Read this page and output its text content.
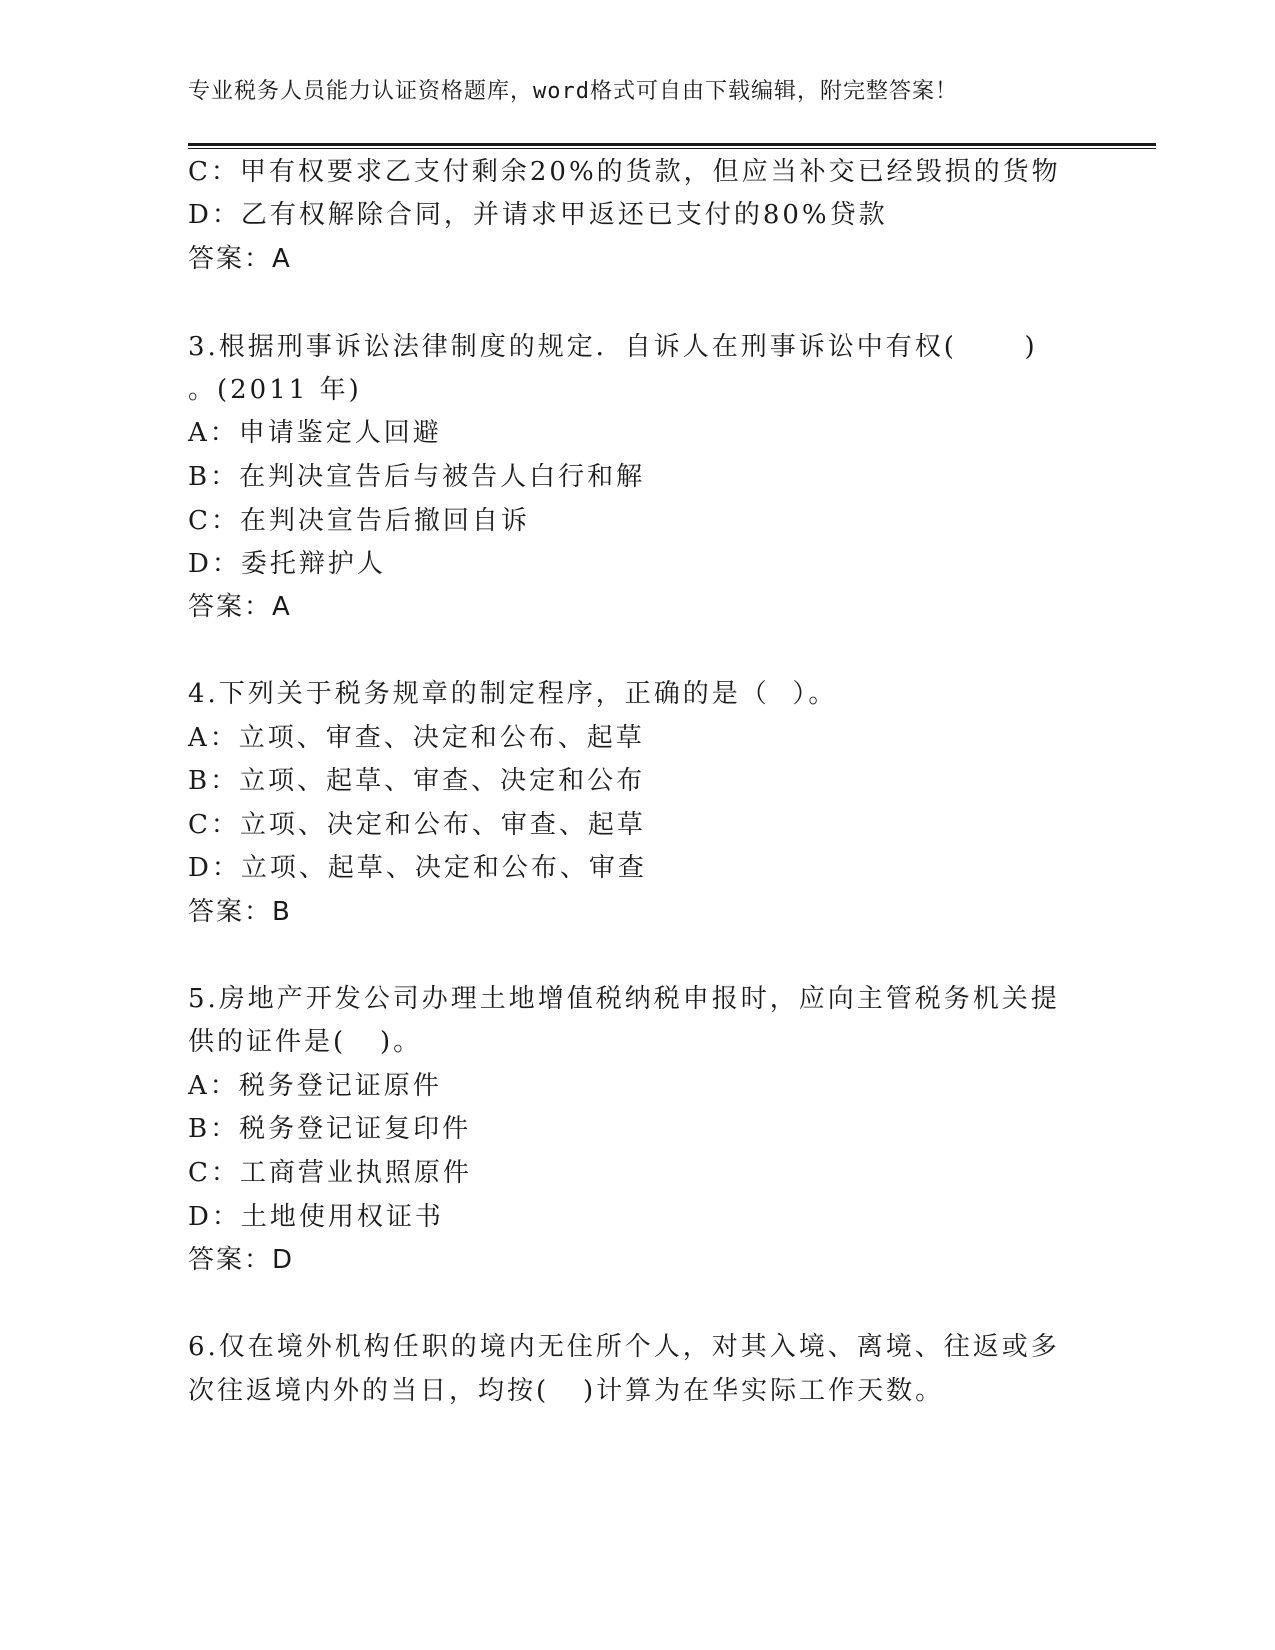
专业税务人员能力认证资格题库，word格式可自由下载编辑，附完整答案！
C：甲有权要求乙支付剩余20%的货款，但应当补交已经毁损的货物
D：乙有权解除合同，并请求甲返还已支付的80%贷款
答案：A
3.根据刑事诉讼法律制度的规定．自诉人在刑事诉讼中有权(      )
。(2011 年)
A：申请鉴定人回避
B：在判决宣告后与被告人白行和解
C：在判决宣告后撤回自诉
D：委托辩护人
答案：A
4.下列关于税务规章的制定程序，正确的是（  ）。
A：立项、审查、决定和公布、起草
B：立项、起草、审查、决定和公布
C：立项、决定和公布、审查、起草
D：立项、起草、决定和公布、审查
答案：B
5.房地产开发公司办理土地增值税纳税申报时，应向主管税务机关提
供的证件是(   )。
A：税务登记证原件
B：税务登记证复印件
C：工商营业执照原件
D：土地使用权证书
答案：D
6.仅在境外机构任职的境内无住所个人，对其入境、离境、往返或多
次往返境内外的当日，均按(   )计算为在华实际工作天数。
